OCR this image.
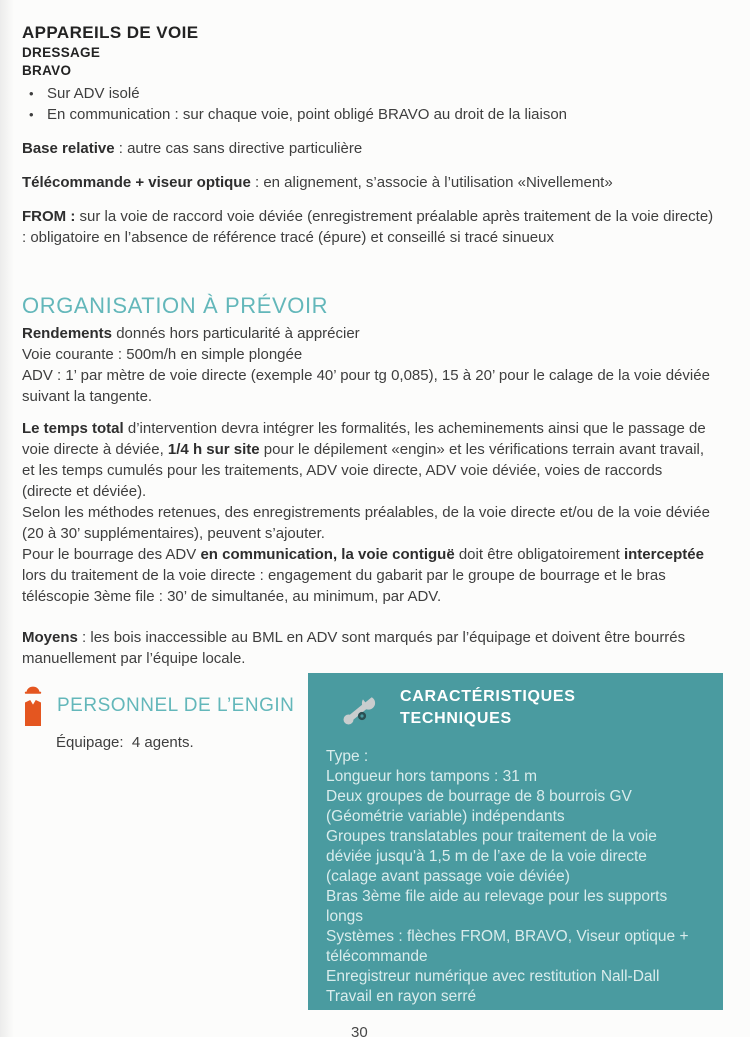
APPAREILS DE VOIE
DRESSAGE
BRAVO
• Sur ADV isolé
• En communication : sur chaque voie, point obligé BRAVO au droit de la liaison

Base relative : autre cas sans directive particulière

Télécommande + viseur optique : en alignement, s’associe à l’utilisation «Nivellement»

FROM : sur la voie de raccord voie déviée (enregistrement préalable après traitement de la voie directe) : obligatoire en l’absence de référence tracé (épure) et conseillé si tracé sinueux

ORGANISATION À PRÉVOIR
Rendements donnés hors particularité à apprécier
Voie courante : 500m/h en simple plongée
ADV : 1’ par mètre de voie directe (exemple 40’ pour tg 0,085), 15 à 20’ pour le calage de la voie déviée suivant la tangente.
Le temps total d’intervention devra intégrer les formalités, les acheminements ainsi que le passage de voie directe à déviée, 1/4 h sur site pour le dépilement «engin» et les vérifications terrain avant travail, et les temps cumulés pour les traitements, ADV voie directe, ADV voie déviée, voies de raccords (directe et déviée).
Selon les méthodes retenues, des enregistrements préalables, de la voie directe et/ou de la voie déviée (20 à 30’ supplémentaires), peuvent s’ajouter.
Pour le bourrage des ADV en communication, la voie contiguë doit être obligatoirement interceptée lors du traitement de la voie directe : engagement du gabarit par le groupe de bourrage et le bras téléscopie 3ème file : 30’ de simultanée, au minimum, par ADV.
Moyens : les bois inaccessible au BML en ADV sont marqués par l’équipage et doivent être bourrés manuellement par l’équipe locale.
PERSONNEL DE L’ENGIN
Équipage:  4 agents.
CARACTÉRISTIQUES
TECHNIQUES
Type :
Longueur hors tampons : 31 m
Deux groupes de bourrage de 8 bourrois GV
(Géométrie variable) indépendants
Groupes translatables pour traitement de la voie
déviée jusqu'à 1,5 m de l’axe de la voie directe
(calage avant passage voie déviée)
Bras 3ème file aide au relevage pour les supports
longs
Systèmes : flèches FROM, BRAVO, Viseur optique +
télécommande
Enregistreur numérique avec restitution Nall-Dall
Travail en rayon serré
30
